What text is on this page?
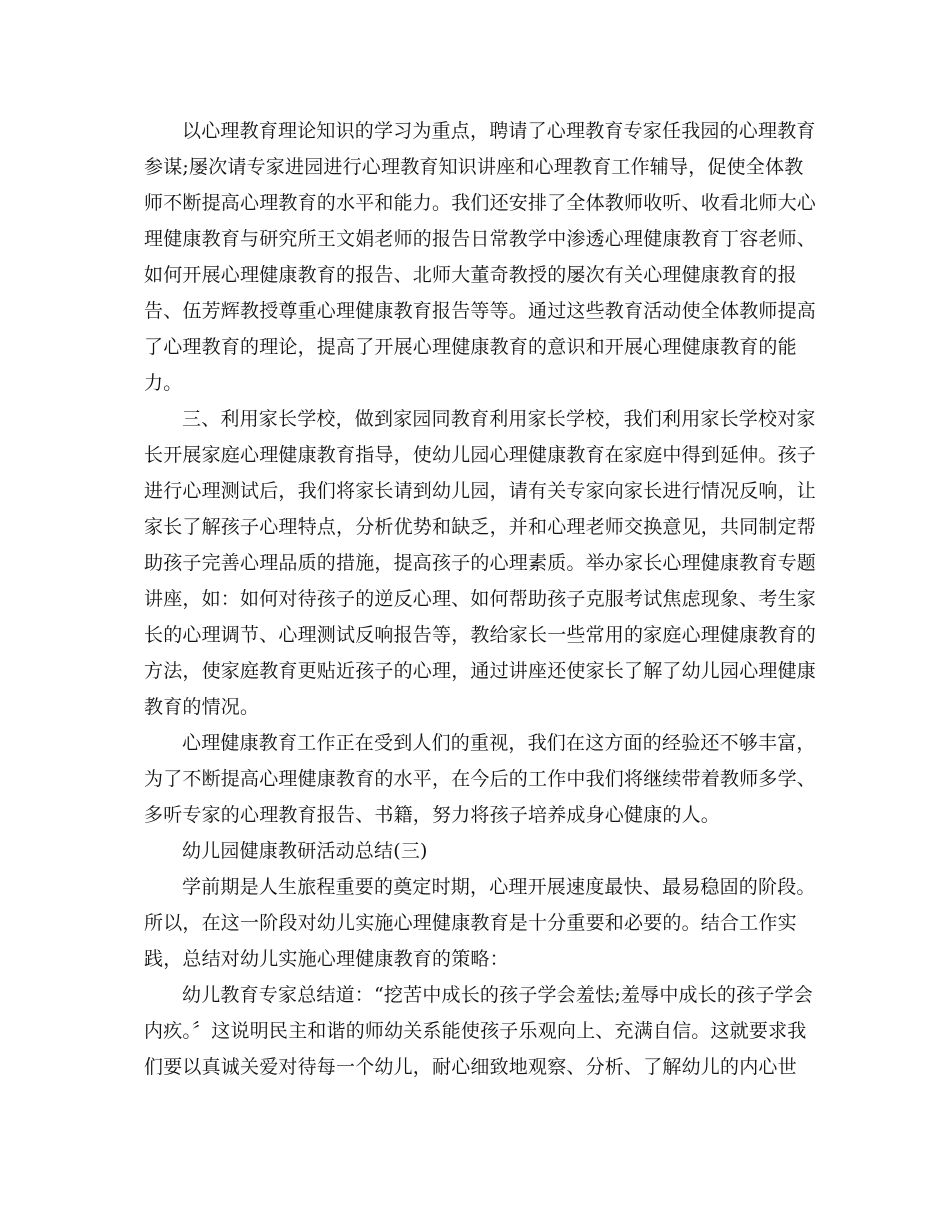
以心理教育理论知识的学习为重点，聘请了心理教育专家任我园的心理教育
参谋;屡次请专家进园进行心理教育知识讲座和心理教育工作辅导，促使全体教
师不断提高心理教育的水平和能力。我们还安排了全体教师收听、收看北师大心
理健康教育与研究所王文娟老师的报告日常教学中渗透心理健康教育丁容老师、
如何开展心理健康教育的报告、北师大董奇教授的屡次有关心理健康教育的报
告、伍芳辉教授尊重心理健康教育报告等等。通过这些教育活动使全体教师提高
了心理教育的理论，提高了开展心理健康教育的意识和开展心理健康教育的能
力。
三、利用家长学校，做到家园同教育利用家长学校，我们利用家长学校对家
长开展家庭心理健康教育指导，使幼儿园心理健康教育在家庭中得到延伸。孩子
进行心理测试后，我们将家长请到幼儿园，请有关专家向家长进行情况反响，让
家长了解孩子心理特点，分析优势和缺乏，并和心理老师交换意见，共同制定帮
助孩子完善心理品质的措施，提高孩子的心理素质。举办家长心理健康教育专题
讲座，如：如何对待孩子的逆反心理、如何帮助孩子克服考试焦虑现象、考生家
长的心理调节、心理测试反响报告等，教给家长一些常用的家庭心理健康教育的
方法，使家庭教育更贴近孩子的心理，通过讲座还使家长了解了幼儿园心理健康
教育的情况。
心理健康教育工作正在受到人们的重视，我们在这方面的经验还不够丰富，
为了不断提高心理健康教育的水平，在今后的工作中我们将继续带着教师多学、
多听专家的心理教育报告、书籍，努力将孩子培养成身心健康的人。
幼儿园健康教研活动总结(三)
学前期是人生旅程重要的奠定时期，心理开展速度最快、最易稳固的阶段。
所以，在这一阶段对幼儿实施心理健康教育是十分重要和必要的。结合工作实
践，总结对幼儿实施心理健康教育的策略：
幼儿教育专家总结道：“挖苦中成长的孩子学会羞怯;羞辱中成长的孩子学会
内疚。〞这说明民主和谐的师幼关系能使孩子乐观向上、充满自信。这就要求我
们要以真诚关爱对待每一个幼儿，耐心细致地观察、分析、了解幼儿的内心世
